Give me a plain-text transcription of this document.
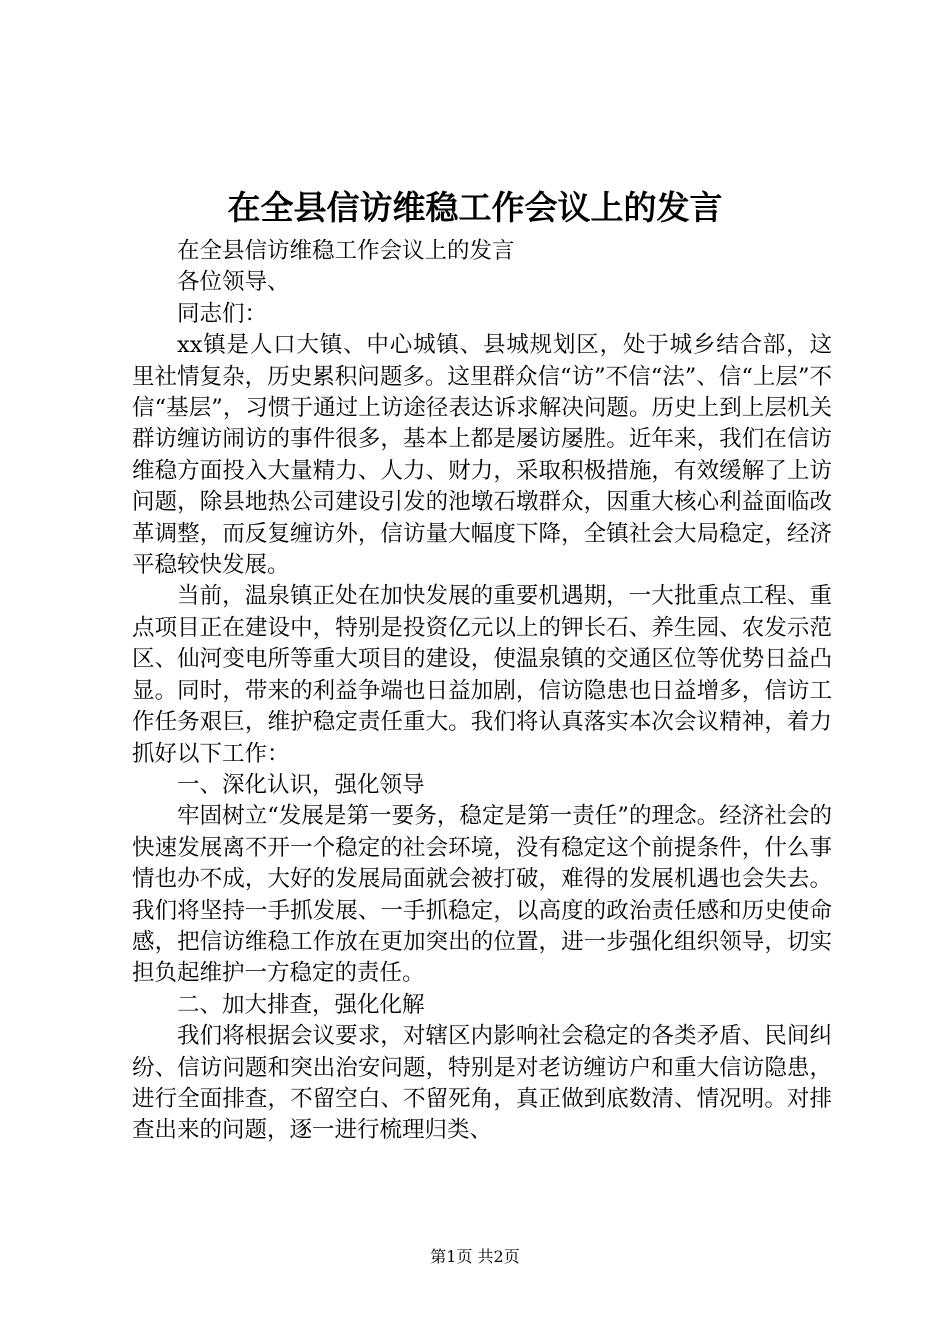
在全县信访维稳工作会议上的发言

在全县信访维稳工作会议上的发言

各位领导、

同志们：

xx镇是人口大镇、中心城镇、县城规划区，处于城乡结合部，这里社情复杂，历史累积问题多。这里群众信“访”不信“法”、信“上层”不信“基层”，习惯于通过上访途径表达诉求解决问题。历史上到上层机关群访缠访闹访的事件很多，基本上都是屡访屡胜。近年来，我们在信访维稳方面投入大量精力、人力、财力，采取积极措施，有效缓解了上访问题，除县地热公司建设引发的池墩石墩群众，因重大核心利益面临改革调整，而反复缠访外，信访量大幅度下降，全镇社会大局稳定，经济平稳较快发展。

当前，温泉镇正处在加快发展的重要机遇期，一大批重点工程、重点项目正在建设中，特别是投资亿元以上的钾长石、养生园、农发示范区、仙河变电所等重大项目的建设，使温泉镇的交通区位等优势日益凸显。同时，带来的利益争端也日益加剧，信访隐患也日益增多，信访工作任务艰巨，维护稳定责任重大。我们将认真落实本次会议精神，着力抓好以下工作：

一、深化认识，强化领导

牢固树立“发展是第一要务，稳定是第一责任”的理念。经济社会的快速发展离不开一个稳定的社会环境，没有稳定这个前提条件，什么事情也办不成，大好的发展局面就会被打破，难得的发展机遇也会失去。我们将坚持一手抓发展、一手抓稳定，以高度的政治责任感和历史使命感，把信访维稳工作放在更加突出的位置，进一步强化组织领导，切实担负起维护一方稳定的责任。

二、加大排查，强化化解

我们将根据会议要求，对辖区内影响社会稳定的各类矛盾、民间纠纷、信访问题和突出治安问题，特别是对老访缠访户和重大信访隐患，进行全面排查，不留空白、不留死角，真正做到底数清、情况明。对排查出来的问题，逐一进行梳理归类、

第1页 共2页
